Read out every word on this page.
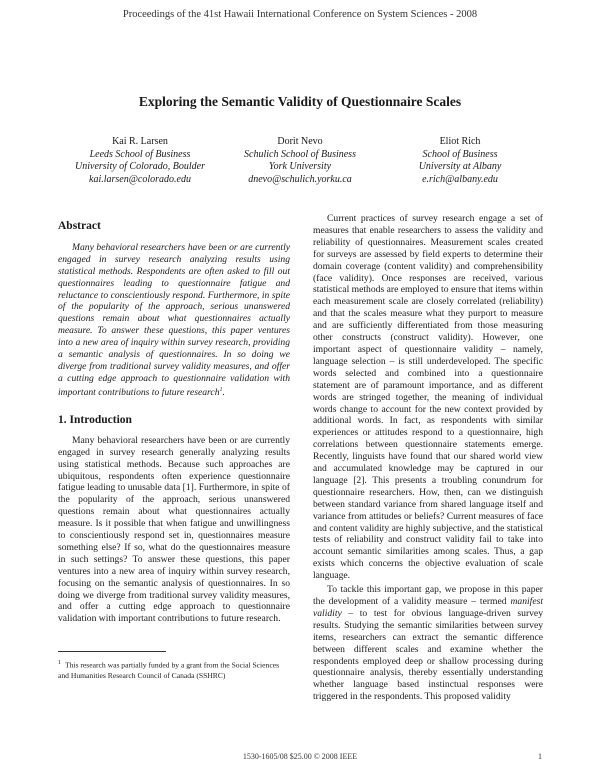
Proceedings of the 41st Hawaii International Conference on System Sciences - 2008
Exploring the Semantic Validity of Questionnaire Scales
Kai R. Larsen
Leeds School of Business
University of Colorado, Boulder
kai.larsen@colorado.edu
Dorit Nevo
Schulich School of Business
York University
dnevo@schulich.yorku.ca
Eliot Rich
School of Business
University at Albany
e.rich@albany.edu
Abstract

Many behavioral researchers have been or are currently engaged in survey research analyzing results using statistical methods. Respondents are often asked to fill out questionnaires leading to questionnaire fatigue and reluctance to conscientiously respond. Furthermore, in spite of the popularity of the approach, serious unanswered questions remain about what questionnaires actually measure. To answer these questions, this paper ventures into a new area of inquiry within survey research, providing a semantic analysis of questionnaires. In so doing we diverge from traditional survey validity measures, and offer a cutting edge approach to questionnaire validation with important contributions to future research$^1$.

1. Introduction

Many behavioral researchers have been or are currently engaged in survey research generally analyzing results using statistical methods. Because such approaches are ubiquitous, respondents often experience questionnaire fatigue leading to unusable data [1]. Furthermore, in spite of the popularity of the approach, serious unanswered questions remain about what questionnaires actually measure. Is it possible that when fatigue and unwillingness to conscientiously respond set in, questionnaires measure something else? If so, what do the questionnaires measure in such settings? To answer these questions, this paper ventures into a new area of inquiry within survey research, focusing on the semantic analysis of questionnaires. In so doing we diverge from traditional survey validity measures, and offer a cutting edge approach to questionnaire validation with important contributions to future research.

$^1$ This research was partially funded by a grant from the Social Sciences and Humanities Research Council of Canada (SSHRC)

Current practices of survey research engage a set of measures that enable researchers to assess the validity and reliability of questionnaires. Measurement scales created for surveys are assessed by field experts to determine their domain coverage (content validity) and comprehensibility (face validity). Once responses are received, various statistical methods are employed to ensure that items within each measurement scale are closely correlated (reliability) and that the scales measure what they purport to measure and are sufficiently differentiated from those measuring other constructs (construct validity). However, one important aspect of questionnaire validity – namely, language selection – is still underdeveloped. The specific words selected and combined into a questionnaire statement are of paramount importance, and as different words are stringed together, the meaning of individual words change to account for the new context provided by additional words. In fact, as respondents with similar experiences or attitudes respond to a questionnaire, high correlations between questionnaire statements emerge. Recently, linguists have found that our shared world view and accumulated knowledge may be captured in our language [2]. This presents a troubling conundrum for questionnaire researchers. How, then, can we distinguish between standard variance from shared language itself and variance from attitudes or beliefs? Current measures of face and content validity are highly subjective, and the statistical tests of reliability and construct validity fail to take into account semantic similarities among scales. Thus, a gap exists which concerns the objective evaluation of scale language.

To tackle this important gap, we propose in this paper the development of a validity measure – termed manifest validity – to test for obvious language-driven survey results. Studying the semantic similarities between survey items, researchers can extract the semantic difference between different scales and examine whether the respondents employed deep or shallow processing during questionnaire analysis, thereby essentially understanding whether language based instinctual responses were triggered in the respondents. This proposed validity

1530-1605/08 $25.00 © 2008 IEEE	1
